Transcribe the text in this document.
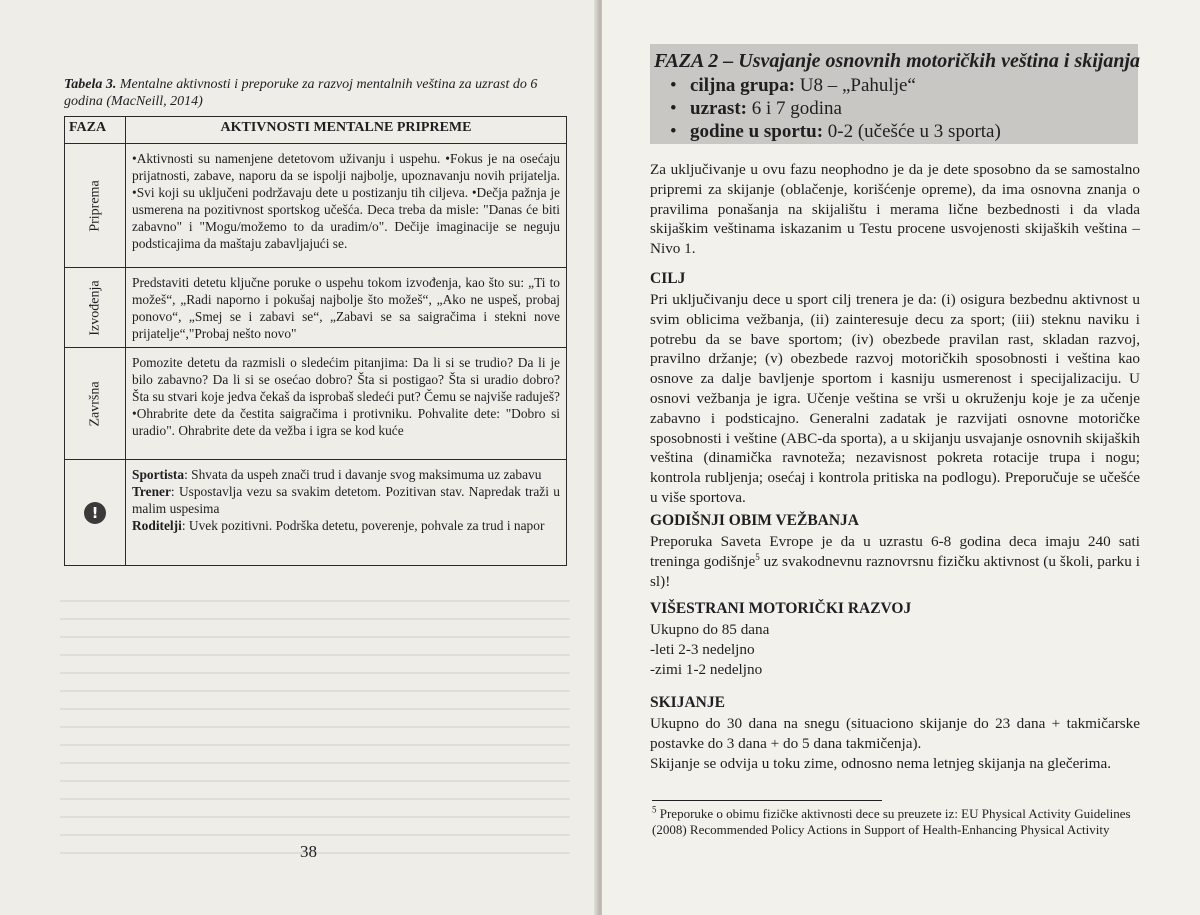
Tabela 3. Mentalne aktivnosti i preporuke za razvoj mentalnih veština za uzrast do 6 godina (MacNeill, 2014)
FAZA	AKTIVNOSTI MENTALNE PRIPREME

Priprema	•Aktivnosti su namenjene detetovom uživanju i uspehu. •Fokus je na osećaju prijatnosti, zabave, naporu da se ispolji najbolje, upoznavanju novih prijatelja. •Svi koji su uključeni podržavaju dete u postizanju tih ciljeva. •Dečja pažnja je usmerena na pozitivnost sportskog učešća. Deca treba da misle: "Danas će biti zabavno" i "Mogu/možemo to da uradim/o". Dečije imaginacije se neguju podsticajima da maštaju zabavljajući se.

Izvođenja	Predstaviti detetu ključne poruke o uspehu tokom izvođenja, kao što su: „Ti to možeš“, „Radi naporno i pokušaj najbolje što možeš“, „Ako ne uspeš, probaj ponovo“, „Smej se i zabavi se“, „Zabavi se sa saigračima i stekni nove prijatelje“,"Probaj nešto novo"

Završna	Pomozite detetu da razmisli o sledećim pitanjima: Da li si se trudio? Da li je bilo zabavno? Da li si se osećao dobro? Šta si postigao? Šta si uradio dobro? Šta su stvari koje jedva čekaš da isprobaš sledeći put? Čemu se najviše raduješ? •Ohrabrite dete da čestita saigračima i protivniku. Pohvalite dete: "Dobro si uradio". Ohrabrite dete da vežba i igra se kod kuće

!	Sportista: Shvata da uspeh znači trud i davanje svog maksimuma uz zabavu
Trener: Uspostavlja vezu sa svakim detetom. Pozitivan stav. Napredak traži u malim uspesima
Roditelji: Uvek pozitivni. Podrška detetu, poverenje, pohvale za trud i napor
38
FAZA 2 – Usvajanje osnovnih motoričkih veština i skijanja
• ciljna grupa: U8 – „Pahulje“
• uzrast: 6 i 7 godina
• godine u sportu: 0-2 (učešće u 3 sporta)
Za uključivanje u ovu fazu neophodno je da je dete sposobno da se samostalno pripremi za skijanje (oblačenje, korišćenje opreme), da ima osnovna znanja o pravilima ponašanja na skijalištu i merama lične bezbednosti i da vlada skijaškim veštinama iskazanim u Testu procene usvojenosti skijaških veština – Nivo 1.
CILJ
Pri uključivanju dece u sport cilj trenera je da: (i) osigura bezbednu aktivnost u svim oblicima vežbanja, (ii) zainteresuje decu za sport; (iii) steknu naviku i potrebu da se bave sportom; (iv) obezbede pravilan rast, skladan razvoj, pravilno držanje; (v) obezbede razvoj motoričkih sposobnosti i veština kao osnove za dalje bavljenje sportom i kasniju usmerenost i specijalizaciju. U osnovi vežbanja je igra. Učenje veština se vrši u okruženju koje je za učenje zabavno i podsticajno. Generalni zadatak je razvijati osnovne motoričke sposobnosti i veštine (ABC-da sporta), a u skijanju usvajanje osnovnih skijaških veština (dinamička ravnoteža; nezavisnost pokreta rotacije trupa i nogu; kontrola rubljenja; osećaj i kontrola pritiska na podlogu). Preporučuje se učešće u više sportova.
GODIŠNJI OBIM VEŽBANJA
Preporuka Saveta Evrope je da u uzrastu 6-8 godina deca imaju 240 sati treninga godišnje$^5$ uz svakodnevnu raznovrsnu fizičku aktivnost (u školi, parku i sl)!
VIŠESTRANI MOTORIČKI RAZVOJ

Ukupno do 85 dana

-leti 2-3 nedeljno

-zimi 1-2 nedeljno

SKIJANJE

Ukupno do 30 dana na snegu (situaciono skijanje do 23 dana + takmičarske postavke do 3 dana + do 5 dana takmičenja).

Skijanje se odvija u toku zime, odnosno nema letnjeg skijanja na glečerima.

$^5$ Preporuke o obimu fizičke aktivnosti dece su preuzete iz: EU Physical Activity Guidelines (2008) Recommended Policy Actions in Support of Health-Enhancing Physical Activity
